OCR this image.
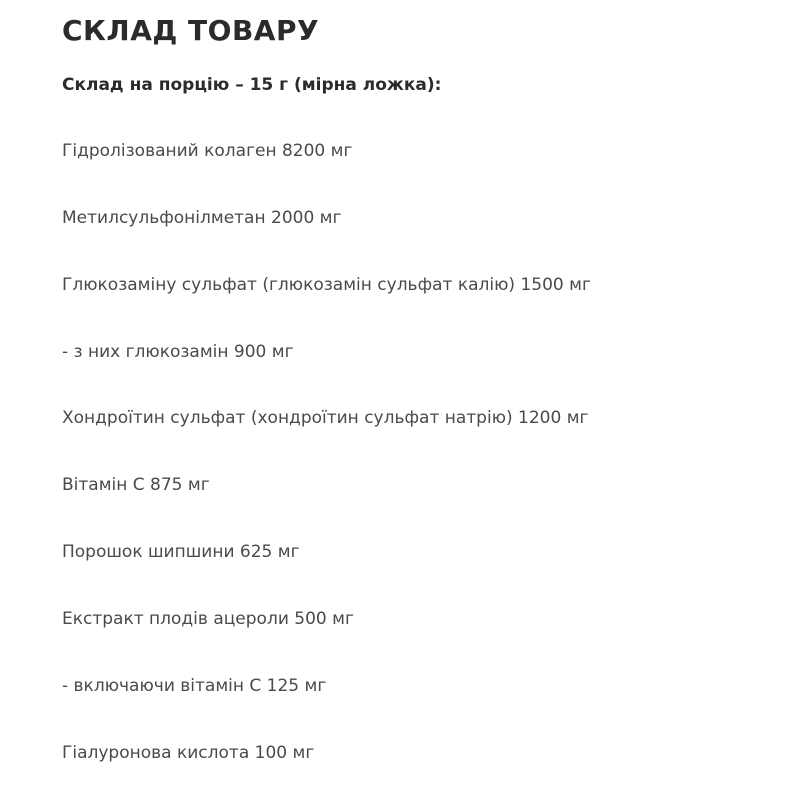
СКЛАД ТОВАРУ

Склад на порцію – 15 г (мірна ложка):

Гідролізований колаген 8200 мг
Метилсульфонілметан 2000 мг
Глюкозаміну сульфат (глюкозамін сульфат калію) 1500 мг
- з них глюкозамін 900 мг
Хондроїтин сульфат (хондроїтин сульфат натрію) 1200 мг
Вітамін С 875 мг
Порошок шипшини 625 мг
Екстракт плодів ацероли 500 мг
- включаючи вітамін С 125 мг
Гіалуронова кислота 100 мг
